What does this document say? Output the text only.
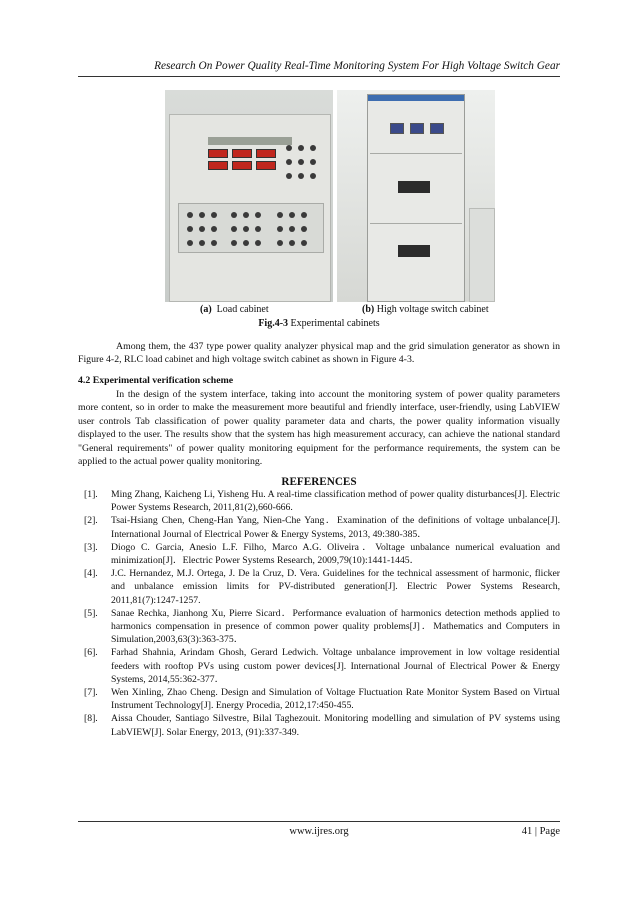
Research On Power Quality Real-Time Monitoring System For High Voltage Switch Gear
(a) Load cabinet	(b) High voltage switch cabinet
Fig.4-3 Experimental cabinets
Among them, the 437 type power quality analyzer physical map and the grid simulation generator as shown in Figure 4-2, RLC load cabinet and high voltage switch cabinet as shown in Figure 4-3.
4.2 Experimental verification scheme
In the design of the system interface, taking into account the monitoring system of power quality parameters more content, so in order to make the measurement more beautiful and friendly interface, user-friendly, using LabVIEW user controls Tab classification of power quality parameter data and charts, the power quality information visually displayed to the user. The results show that the system has high measurement accuracy, can achieve the national standard "General requirements" of power quality monitoring equipment for the performance requirements, the system can be applied to the actual power quality monitoring.
REFERENCES
[1]. Ming Zhang, Kaicheng Li, Yisheng Hu. A real-time classification method of power quality disturbances[J]. Electric Power Systems Research, 2011,81(2),660-666.
[2]. Tsai-Hsiang Chen, Cheng-Han Yang, Nien-Che Yang．Examination of the definitions of voltage unbalance[J]. International Journal of Electrical Power & Energy Systems, 2013, 49:380-385．
[3]. Diogo C. Garcia, Anesio L.F. Filho, Marco A.G. Oliveira．Voltage unbalance numerical evaluation and minimization[J]．Electric Power Systems Research, 2009,79(10):1441-1445．
[4]. J.C. Hernandez, M.J. Ortega, J. De la Cruz, D. Vera. Guidelines for the technical assessment of harmonic, flicker and unbalance emission limits for PV-distributed generation[J]. Electric Power Systems Research, 2011,81(7):1247-1257.
[5]. Sanae Rechka, Jianhong Xu, Pierre Sicard．Performance evaluation of harmonics detection methods applied to harmonics compensation in presence of common power quality problems[J]．Mathematics and Computers in Simulation,2003,63(3):363-375．
[6]. Farhad Shahnia, Arindam Ghosh, Gerard Ledwich. Voltage unbalance improvement in low voltage residential feeders with rooftop PVs using custom power devices[J]. International Journal of Electrical Power & Energy Systems, 2014,55:362-377．
[7]. Wen Xinling, Zhao Cheng. Design and Simulation of Voltage Fluctuation Rate Monitor System Based on Virtual Instrument Technology[J]. Energy Procedia, 2012,17:450-455.
[8]. Aissa Chouder, Santiago Silvestre, Bilal Taghezouit. Monitoring modelling and simulation of PV systems using LabVIEW[J]. Solar Energy, 2013, (91):337-349.
www.ijres.org	41 | Page
